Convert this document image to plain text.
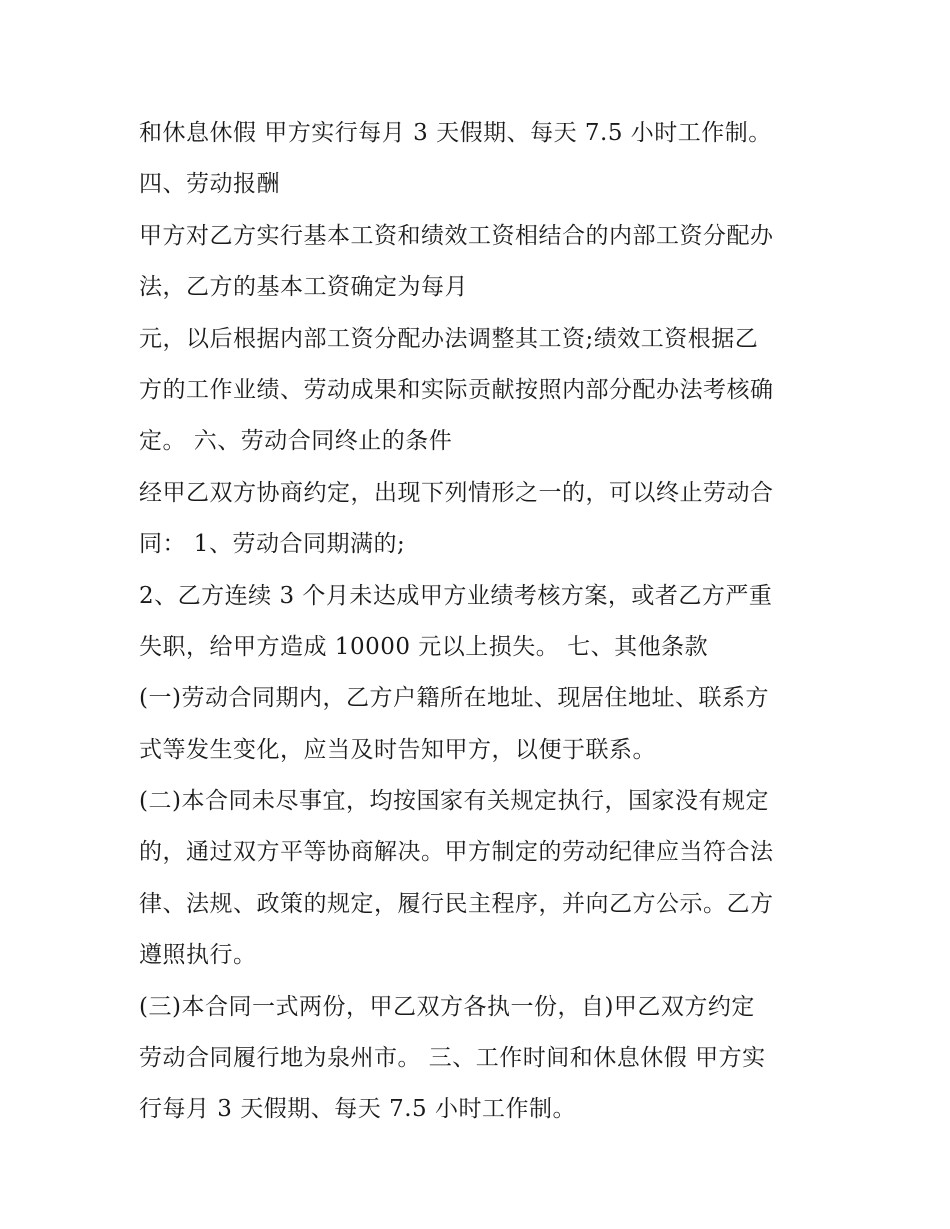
和休息休假 甲方实行每月 3 天假期、每天 7.5 小时工作制。
四、劳动报酬
甲方对乙方实行基本工资和绩效工资相结合的内部工资分配办
法，乙方的基本工资确定为每月
元，以后根据内部工资分配办法调整其工资;绩效工资根据乙
方的工作业绩、劳动成果和实际贡献按照内部分配办法考核确
定。 六、劳动合同终止的条件
经甲乙双方协商约定，出现下列情形之一的，可以终止劳动合
同： 1、劳动合同期满的;
2、乙方连续 3 个月未达成甲方业绩考核方案，或者乙方严重
失职，给甲方造成 10000 元以上损失。 七、其他条款
(一)劳动合同期内，乙方户籍所在地址、现居住地址、联系方
式等发生变化，应当及时告知甲方，以便于联系。
(二)本合同未尽事宜，均按国家有关规定执行，国家没有规定
的，通过双方平等协商解决。甲方制定的劳动纪律应当符合法
律、法规、政策的规定，履行民主程序，并向乙方公示。乙方
遵照执行。
(三)本合同一式两份，甲乙双方各执一份，自)甲乙双方约定
劳动合同履行地为泉州市。 三、工作时间和休息休假 甲方实
行每月 3 天假期、每天 7.5 小时工作制。
